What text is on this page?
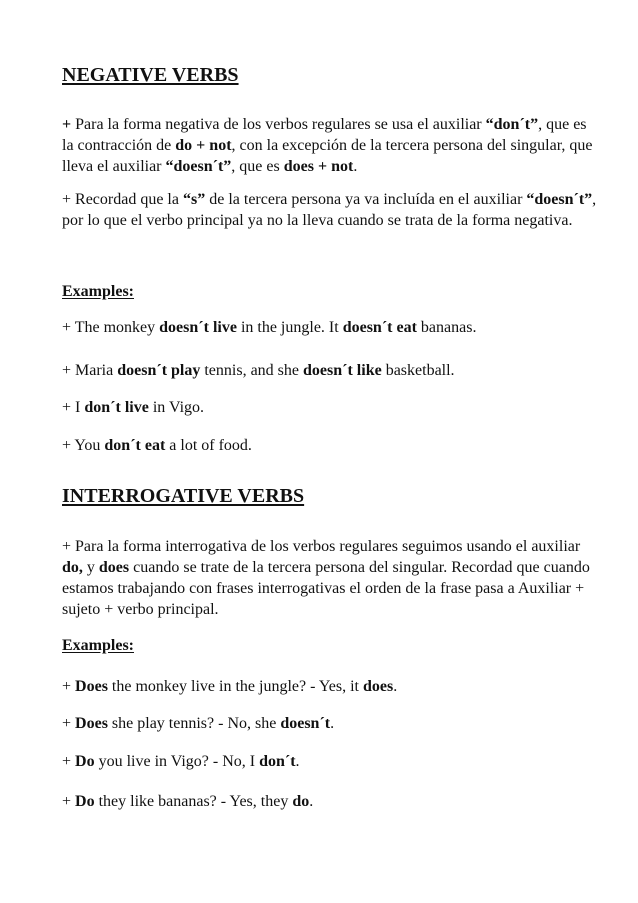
NEGATIVE VERBS

+ Para la forma negativa de los verbos regulares se usa el auxiliar “don´t”, que es la contracción de do + not, con la excepción de la tercera persona del singular, que lleva el auxiliar “doesn´t”, que es does + not.

+ Recordad que la “s” de la tercera persona ya va incluída en el auxiliar “doesn´t”, por lo que el verbo principal ya no la lleva cuando se trata de la forma negativa.

Examples:

+ The monkey doesn´t live in the jungle. It doesn´t eat bananas.

+ Maria doesn´t play tennis, and she doesn´t like basketball.

+ I don´t live in Vigo.

+ You don´t eat a lot of food.

INTERROGATIVE VERBS

+ Para la forma interrogativa de los verbos regulares seguimos usando el auxiliar do, y does cuando se trate de la tercera persona del singular. Recordad que cuando estamos trabajando con frases interrogativas el orden de la frase pasa a Auxiliar + sujeto + verbo principal.

Examples:

+ Does the monkey live in the jungle? - Yes, it does.

+ Does she play tennis? - No, she doesn´t.

+ Do you live in Vigo? - No, I don´t.

+ Do they like bananas? - Yes, they do.
